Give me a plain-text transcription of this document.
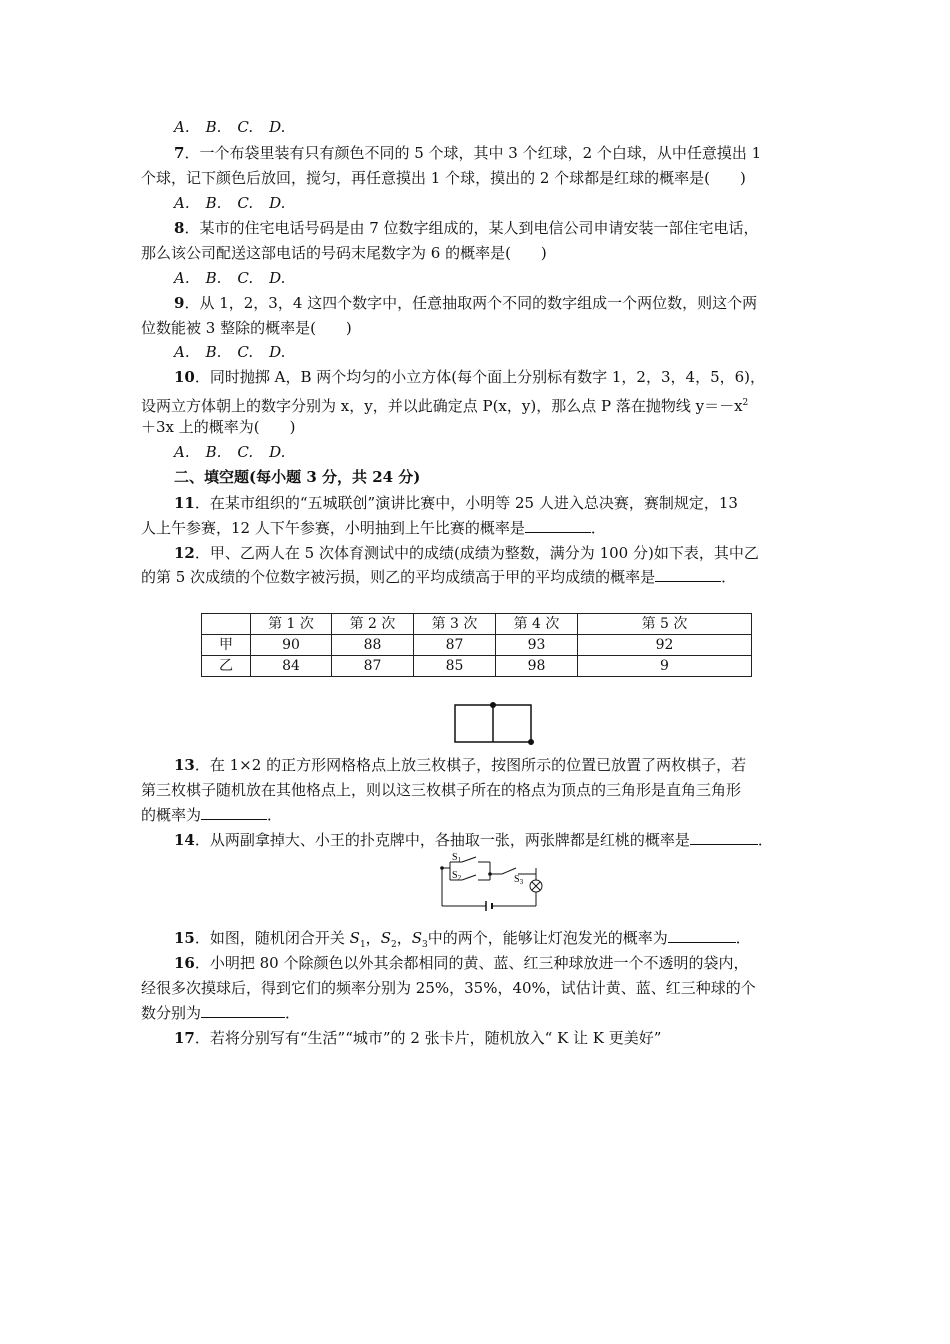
A. B. C. D.
7．一个布袋里装有只有颜色不同的 5 个球，其中 3 个红球，2 个白球，从中任意摸出 1
个球，记下颜色后放回，搅匀，再任意摸出 1 个球，摸出的 2 个球都是红球的概率是(　　)
A. B. C. D.
8．某市的住宅电话号码是由 7 位数字组成的，某人到电信公司申请安装一部住宅电话，
那么该公司配送这部电话的号码末尾数字为 6 的概率是(　　)
A. B. C. D.
9．从 1，2，3，4 这四个数字中，任意抽取两个不同的数字组成一个两位数，则这个两
位数能被 3 整除的概率是(　　)
A. B. C. D.
10．同时抛掷 A，B 两个均匀的小立方体(每个面上分别标有数字 1，2，3，4，5，6)，
设两立方体朝上的数字分别为 x，y，并以此确定点 P(x，y)，那么点 P 落在抛物线 $y=-x^2$
＋3x 上的概率为(　　)
A. B. C. D.
二、填空题(每小题 3 分，共 24 分)
11．在某市组织的“五城联创”演讲比赛中，小明等 25 人进入总决赛，赛制规定，13
人上午参赛，12 人下午参赛，小明抽到上午比赛的概率是	．
12．甲、乙两人在 5 次体育测试中的成绩(成绩为整数，满分为 100 分)如下表，其中乙
的第 5 次成绩的个位数字被污损，则乙的平均成绩高于甲的平均成绩的概率是	．
	第 1 次	第 2 次	第 3 次	第 4 次	第 5 次
甲	90	88	87	93	92
乙	84	87	85	98	9
13．在 1×2 的正方形网格格点上放三枚棋子，按图所示的位置已放置了两枚棋子，若
第三枚棋子随机放在其他格点上，则以这三枚棋子所在的格点为顶点的三角形是直角三角形
的概率为	．
14．从两副拿掉大、小王的扑克牌中，各抽取一张，两张牌都是红桃的概率是	．
$S_1$
$S_2$	$S_3$
15．如图，随机闭合开关 $S_1$，$S_2$，$S_3$中的两个，能够让灯泡发光的概率为	．
16．小明把 80 个除颜色以外其余都相同的黄、蓝、红三种球放进一个不透明的袋内，
经很多次摸球后，得到它们的频率分别为 25%，35%，40%，试估计黄、蓝、红三种球的个
数分别为	．
17．若将分别写有“生活”“城市”的 2 张卡片，随机放入“ K 让 K 更美好”
